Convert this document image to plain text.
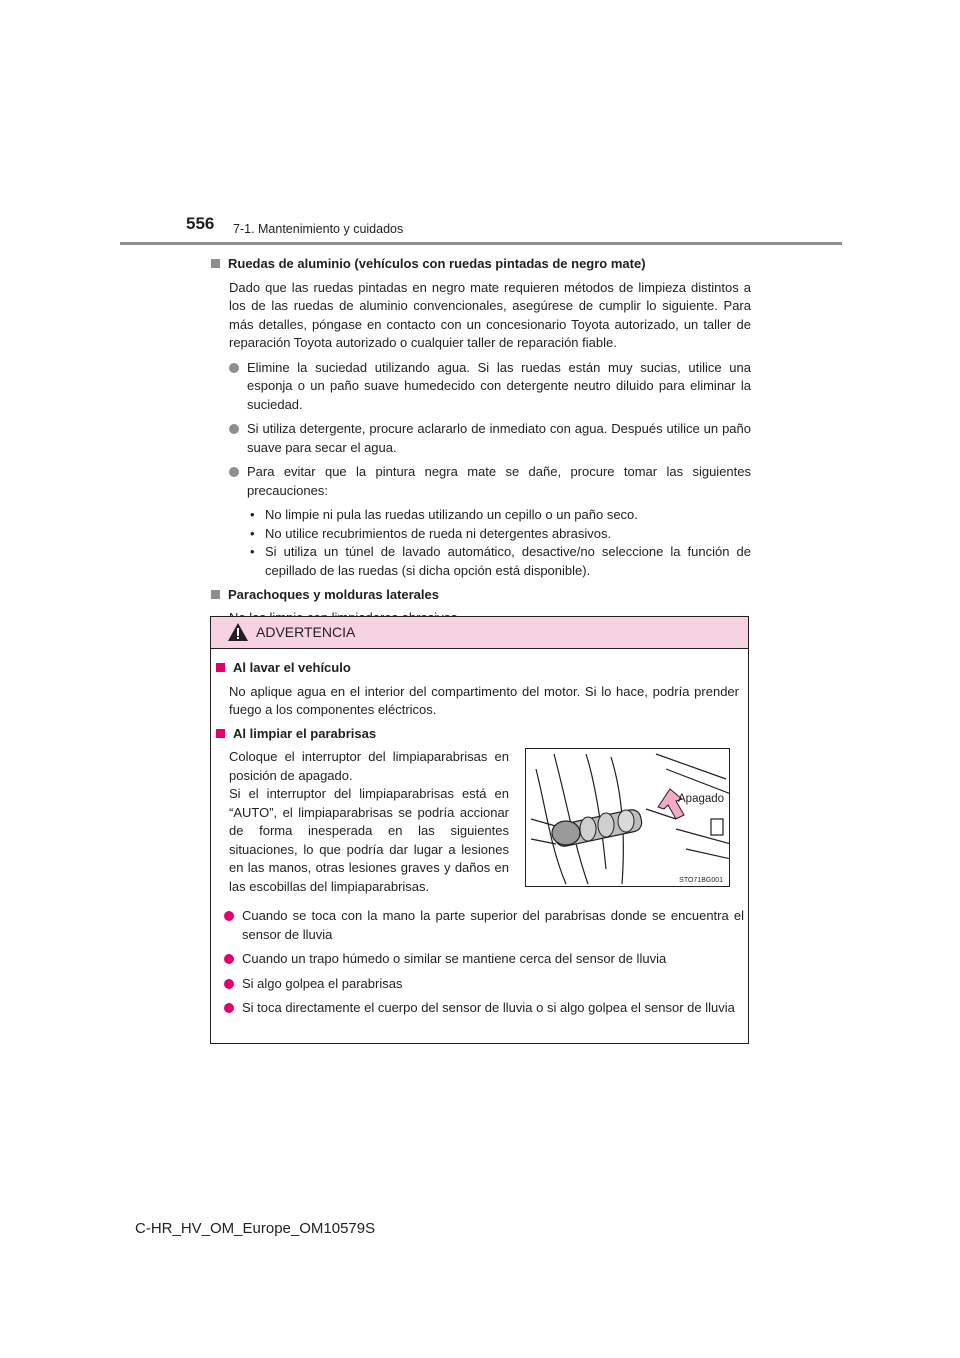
556 7-1. Mantenimiento y cuidados
Ruedas de aluminio (vehículos con ruedas pintadas de negro mate)
Dado que las ruedas pintadas en negro mate requieren métodos de limpieza distintos a los de las ruedas de aluminio convencionales, asegúrese de cumplir lo siguiente. Para más detalles, póngase en contacto con un concesionario Toyota autorizado, un taller de reparación Toyota autorizado o cualquier taller de reparación fiable.
Elimine la suciedad utilizando agua. Si las ruedas están muy sucias, utilice una esponja o un paño suave humedecido con detergente neutro diluido para eliminar la suciedad.
Si utiliza detergente, procure aclararlo de inmediato con agua. Después utilice un paño suave para secar el agua.
Para evitar que la pintura negra mate se dañe, procure tomar las siguientes precauciones:
• No limpie ni pula las ruedas utilizando un cepillo o un paño seco.
• No utilice recubrimientos de rueda ni detergentes abrasivos.
• Si utiliza un túnel de lavado automático, desactive/no seleccione la función de cepillado de las ruedas (si dicha opción está disponible).
Parachoques y molduras laterales
ADVERTENCIA
Al lavar el vehículo
No aplique agua en el interior del compartimento del motor. Si lo hace, podría prender fuego a los componentes eléctricos.
Al limpiar el parabrisas
Coloque el interruptor del limpiaparabrisas en posición de apagado.
Si el interruptor del limpiaparabrisas está en “AUTO”, el limpiaparabrisas se podría accionar de forma inesperada en las siguientes situaciones, lo que podría dar lugar a lesiones en las manos, otras lesiones graves y daños en las escobillas del limpiaparabrisas.
Cuando se toca con la mano la parte superior del parabrisas donde se encuentra el sensor de lluvia
Cuando un trapo húmedo o similar se mantiene cerca del sensor de lluvia
Si algo golpea el parabrisas
Si toca directamente el cuerpo del sensor de lluvia o si algo golpea el sensor de lluvia
Apagado
STO71BG001
C-HR_HV_OM_Europe_OM10579S
